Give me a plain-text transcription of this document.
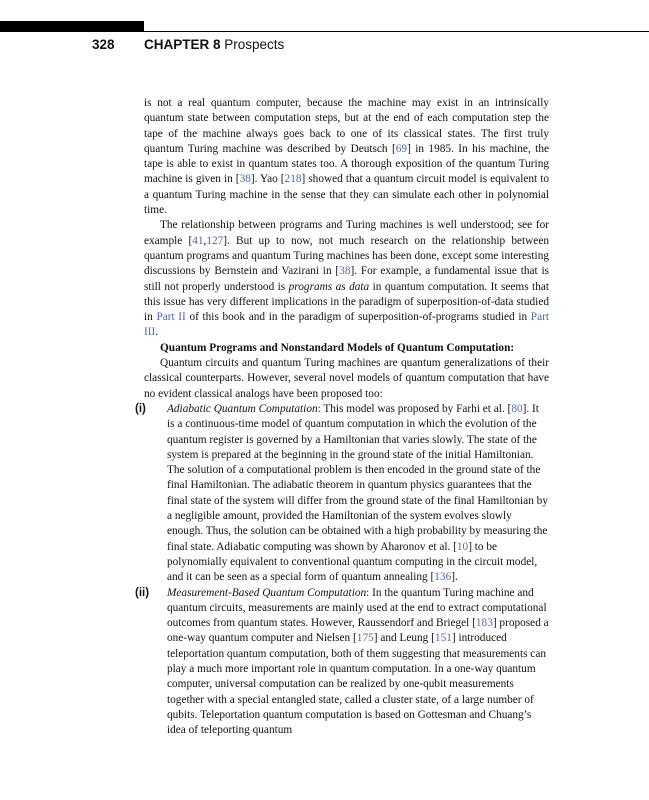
328 CHAPTER 8 Prospects

is not a real quantum computer, because the machine may exist in an intrinsically quantum state between computation steps, but at the end of each computation step the tape of the machine always goes back to one of its classical states. The first truly quantum Turing machine was described by Deutsch [69] in 1985. In his machine, the tape is able to exist in quantum states too. A thorough exposition of the quantum Turing machine is given in [38]. Yao [218] showed that a quantum circuit model is equivalent to a quantum Turing machine in the sense that they can simulate each other in polynomial time.

The relationship between programs and Turing machines is well understood; see for example [41,127]. But up to now, not much research on the relationship between quantum programs and quantum Turing machines has been done, except some interesting discussions by Bernstein and Vazirani in [38]. For example, a fundamental issue that is still not properly understood is programs as data in quantum computation. It seems that this issue has very different implications in the paradigm of superposition-of-data studied in Part II of this book and in the paradigm of superposition-of-programs studied in Part III.

Quantum Programs and Nonstandard Models of Quantum Computation:

Quantum circuits and quantum Turing machines are quantum generalizations of their classical counterparts. However, several novel models of quantum computation that have no evident classical analogs have been proposed too:

(i) Adiabatic Quantum Computation: This model was proposed by Farhi et al. [80]. It is a continuous-time model of quantum computation in which the evolution of the quantum register is governed by a Hamiltonian that varies slowly. The state of the system is prepared at the beginning in the ground state of the initial Hamiltonian. The solution of a computational problem is then encoded in the ground state of the final Hamiltonian. The adiabatic theorem in quantum physics guarantees that the final state of the system will differ from the ground state of the final Hamiltonian by a negligible amount, provided the Hamiltonian of the system evolves slowly enough. Thus, the solution can be obtained with a high probability by measuring the final state. Adiabatic computing was shown by Aharonov et al. [10] to be polynomially equivalent to conventional quantum computing in the circuit model, and it can be seen as a special form of quantum annealing [136].
(ii) Measurement-Based Quantum Computation: In the quantum Turing machine and quantum circuits, measurements are mainly used at the end to extract computational outcomes from quantum states. However, Raussendorf and Briegel [183] proposed a one-way quantum computer and Nielsen [175] and Leung [151] introduced teleportation quantum computation, both of them suggesting that measurements can play a much more important role in quantum computation. In a one-way quantum computer, universal computation can be realized by one-qubit measurements together with a special entangled state, called a cluster state, of a large number of qubits. Teleportation quantum computation is based on Gottesman and Chuang’s idea of teleporting quantum
